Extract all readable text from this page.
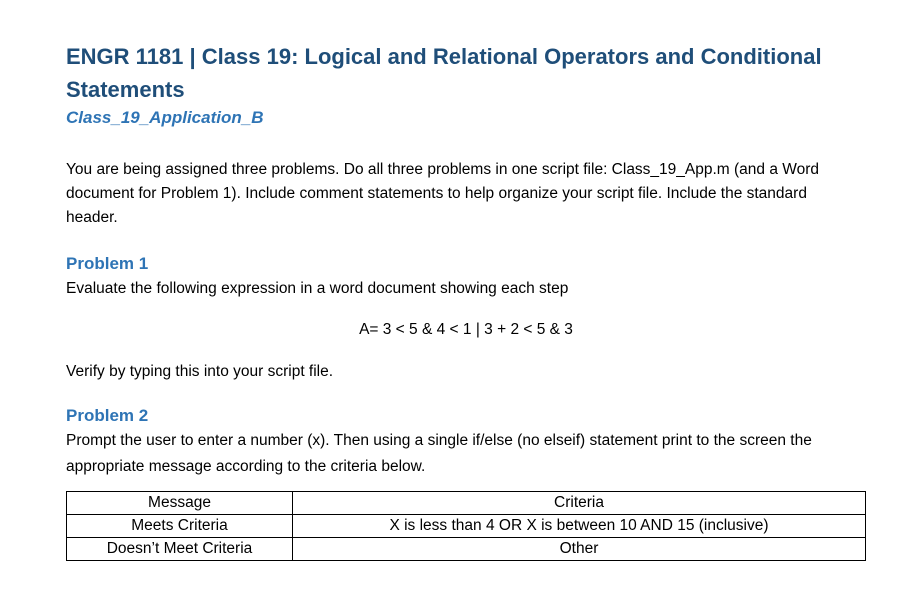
ENGR 1181 | Class 19: Logical and Relational Operators and Conditional Statements

Class_19_Application_B

You are being assigned three problems. Do all three problems in one script file: Class_19_App.m (and a Word document for Problem 1). Include comment statements to help organize your script file. Include the standard header.

Problem 1

Evaluate the following expression in a word document showing each step

A= 3 < 5 & 4 < 1 | 3 + 2 < 5 & 3

Verify by typing this into your script file.

Problem 2

Prompt the user to enter a number (x). Then using a single if/else (no elseif) statement print to the screen the appropriate message according to the criteria below.

Message	Criteria
Meets Criteria	X is less than 4 OR X is between 10 AND 15 (inclusive)
Doesn’t Meet Criteria	Other
